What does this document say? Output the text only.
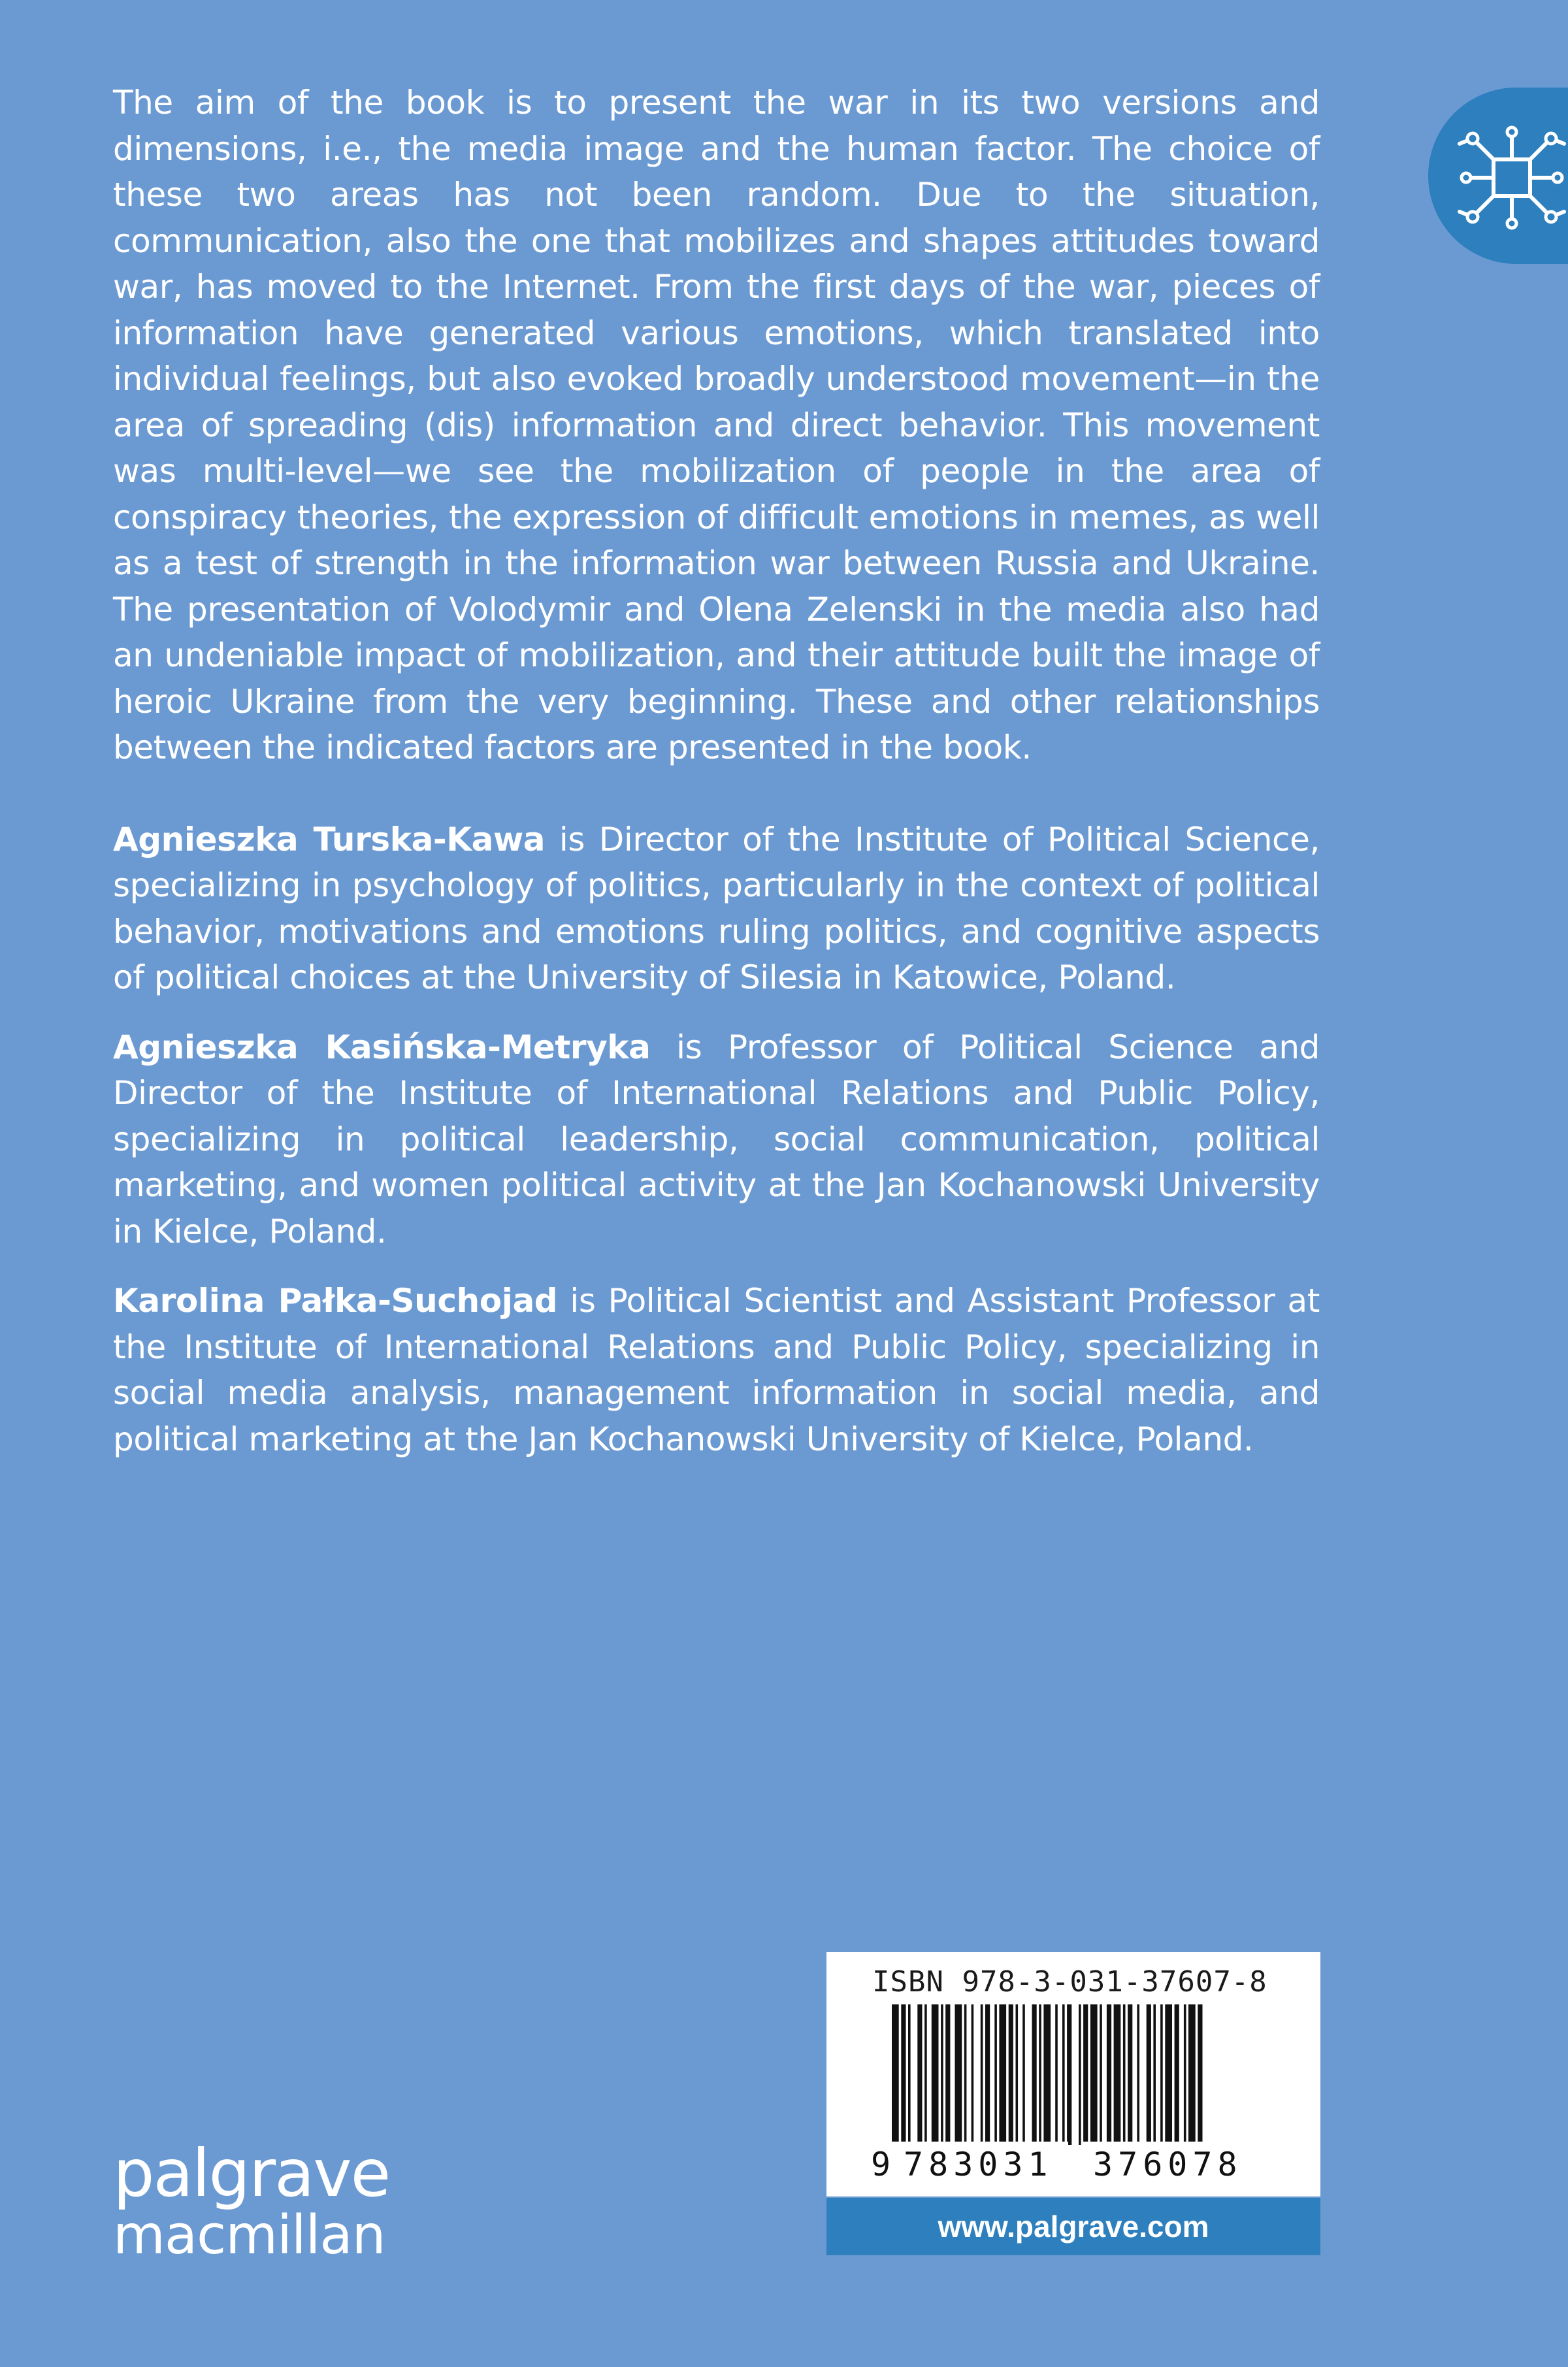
The aim of the book is to present the war in its two versions and dimensions, i.e., the media image and the human factor. The choice of these two areas has not been random. Due to the situation, communication, also the one that mobilizes and shapes attitudes toward war, has moved to the Internet. From the first days of the war, pieces of information have generated various emotions, which translated into individual feelings, but also evoked broadly understood movement—in the area of spreading (dis) information and direct behavior. This movement was multi-level—we see the mobilization of people in the area of conspiracy theories, the expression of difficult emotions in memes, as well as a test of strength in the information war between Russia and Ukraine. The presentation of Volodymir and Olena Zelenski in the media also had an undeniable impact of mobilization, and their attitude built the image of heroic Ukraine from the very beginning. These and other relationships between the indicated factors are presented in the book.

Agnieszka Turska-Kawa is Director of the Institute of Political Science, specializing in psychology of politics, particularly in the context of political behavior, motivations and emotions ruling politics, and cognitive aspects of political choices at the University of Silesia in Katowice, Poland.

Agnieszka Kasińska-Metryka is Professor of Political Science and Director of the Institute of International Relations and Public Policy, specializing in political leadership, social communication, political marketing, and women political activity at the Jan Kochanowski University in Kielce, Poland.

Karolina Pałka-Suchojad is Political Scientist and Assistant Professor at the Institute of International Relations and Public Policy, specializing in social media analysis, management information in social media, and political marketing at the Jan Kochanowski University of Kielce, Poland.

palgrave
macmillan
ISBN 978-3-031-37607-8
9 783031 376078
www.palgrave.com
